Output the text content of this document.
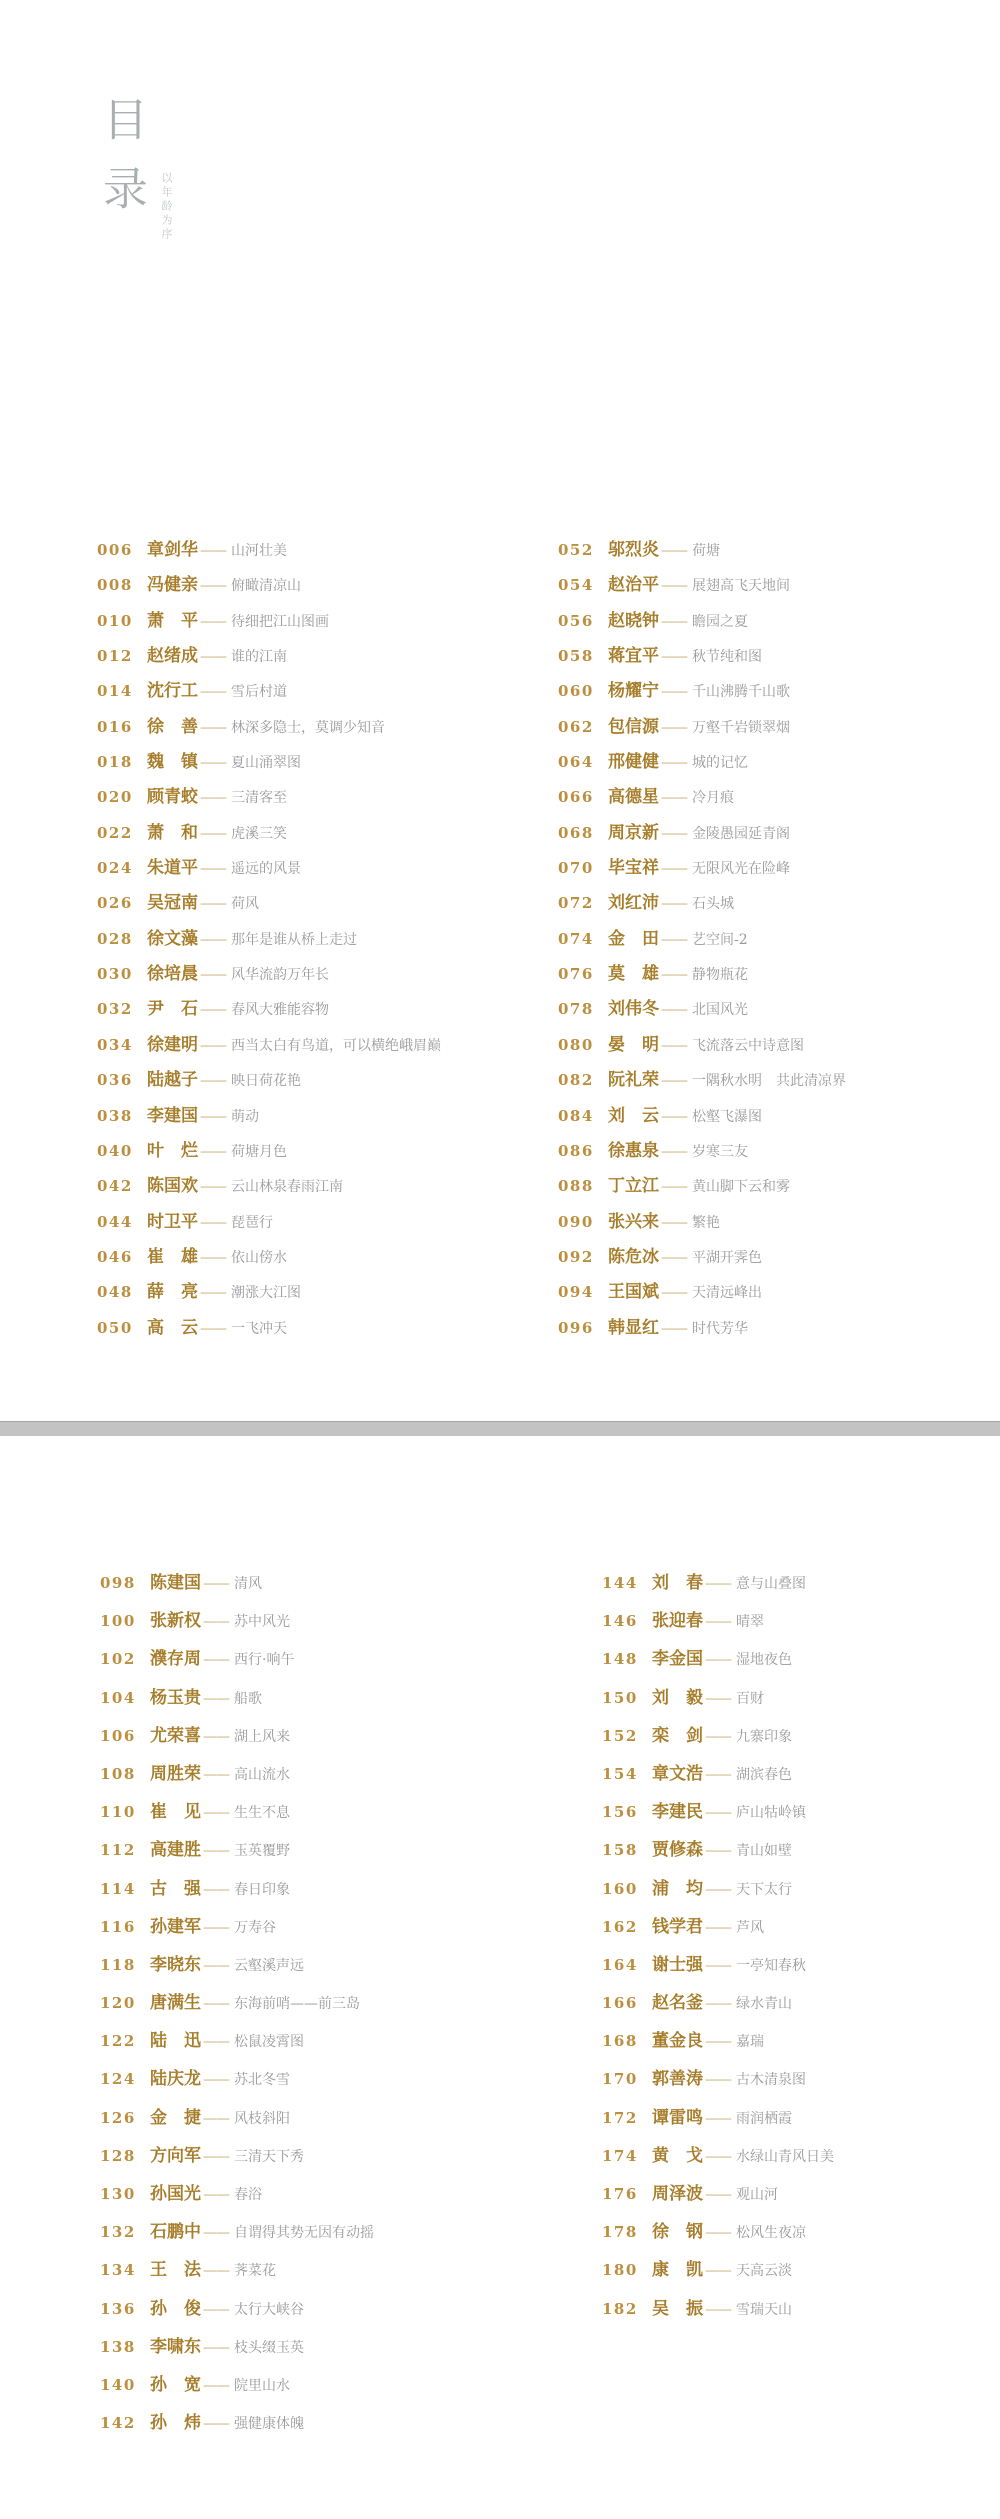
目录 以年龄为序
006 章剑华 —— 山河壮美
008 冯健亲 —— 俯瞰清凉山
010 萧　平 —— 待细把江山图画
012 赵绪成 —— 谁的江南
014 沈行工 —— 雪后村道
016 徐　善 —— 林深多隐士，莫调少知音
018 魏　镇 —— 夏山涌翠图
020 顾青蛟 —— 三清客至
022 萧　和 —— 虎溪三笑
024 朱道平 —— 遥远的风景
026 吴冠南 —— 荷风
028 徐文藻 —— 那年是谁从桥上走过
030 徐培晨 —— 风华流韵万年长
032 尹　石 —— 春风大雅能容物
034 徐建明 —— 西当太白有鸟道，可以横绝峨眉巅
036 陆越子 —— 映日荷花艳
038 李建国 —— 萌动
040 叶　烂 —— 荷塘月色
042 陈国欢 —— 云山林泉春雨江南
044 时卫平 —— 琵琶行
046 崔　雄 —— 依山傍水
048 薛　亮 —— 潮涨大江图
050 高　云 —— 一飞冲天
052 邬烈炎 —— 荷塘
054 赵治平 —— 展翅高飞天地间
056 赵晓钟 —— 瞻园之夏
058 蒋宜平 —— 秋节纯和图
060 杨耀宁 —— 千山沸腾千山歌
062 包信源 —— 万壑千岩锁翠烟
064 邢健健 —— 城的记忆
066 高德星 —— 冷月痕
068 周京新 —— 金陵愚园延青阁
070 毕宝祥 —— 无限风光在险峰
072 刘红沛 —— 石头城
074 金　田 —— 艺空间-2
076 莫　雄 —— 静物瓶花
078 刘伟冬 —— 北国风光
080 晏　明 —— 飞流落云中诗意图
082 阮礼荣 —— 一隅秋水明　共此清凉界
084 刘　云 —— 松壑飞瀑图
086 徐惠泉 —— 岁寒三友
088 丁立江 —— 黄山脚下云和雾
090 张兴来 —— 繁艳
092 陈危冰 —— 平湖开霁色
094 王国斌 —— 天清远峰出
096 韩显红 —— 时代芳华
098 陈建国 —— 清风
100 张新权 —— 苏中风光
102 濮存周 —— 西行·响午
104 杨玉贵 —— 船歌
106 尤荣喜 —— 湖上风来
108 周胜荣 —— 高山流水
110 崔　见 —— 生生不息
112 高建胜 —— 玉英覆野
114 古　强 —— 春日印象
116 孙建军 —— 万寿谷
118 李晓东 —— 云壑溪声远
120 唐满生 —— 东海前哨——前三岛
122 陆　迅 —— 松鼠凌霄图
124 陆庆龙 —— 苏北冬雪
126 金　捷 —— 风枝斜阳
128 方向军 —— 三清天下秀
130 孙国光 —— 春浴
132 石鹏中 —— 自谓得其势无因有动摇
134 王　法 —— 荠菜花
136 孙　俊 —— 太行大峡谷
138 李啸东 —— 枝头缀玉英
140 孙　宽 —— 院里山水
142 孙　炜 —— 强健康体魄
144 刘　春 —— 意与山叠图
146 张迎春 —— 晴翠
148 李金国 —— 湿地夜色
150 刘　毅 —— 百财
152 栾　剑 —— 九寨印象
154 章文浩 —— 湖滨春色
156 李建民 —— 庐山牯岭镇
158 贾修森 —— 青山如壁
160 浦　均 —— 天下太行
162 钱学君 —— 芦风
164 谢士强 —— 一亭知春秋
166 赵名釜 —— 绿水青山
168 董金良 —— 嘉瑞
170 郭善涛 —— 古木清泉图
172 谭雷鸣 —— 雨润栖霞
174 黄　戈 —— 水绿山青风日美
176 周泽波 —— 观山河
178 徐　钢 —— 松风生夜凉
180 康　凯 —— 天高云淡
182 吴　振 —— 雪瑞天山
